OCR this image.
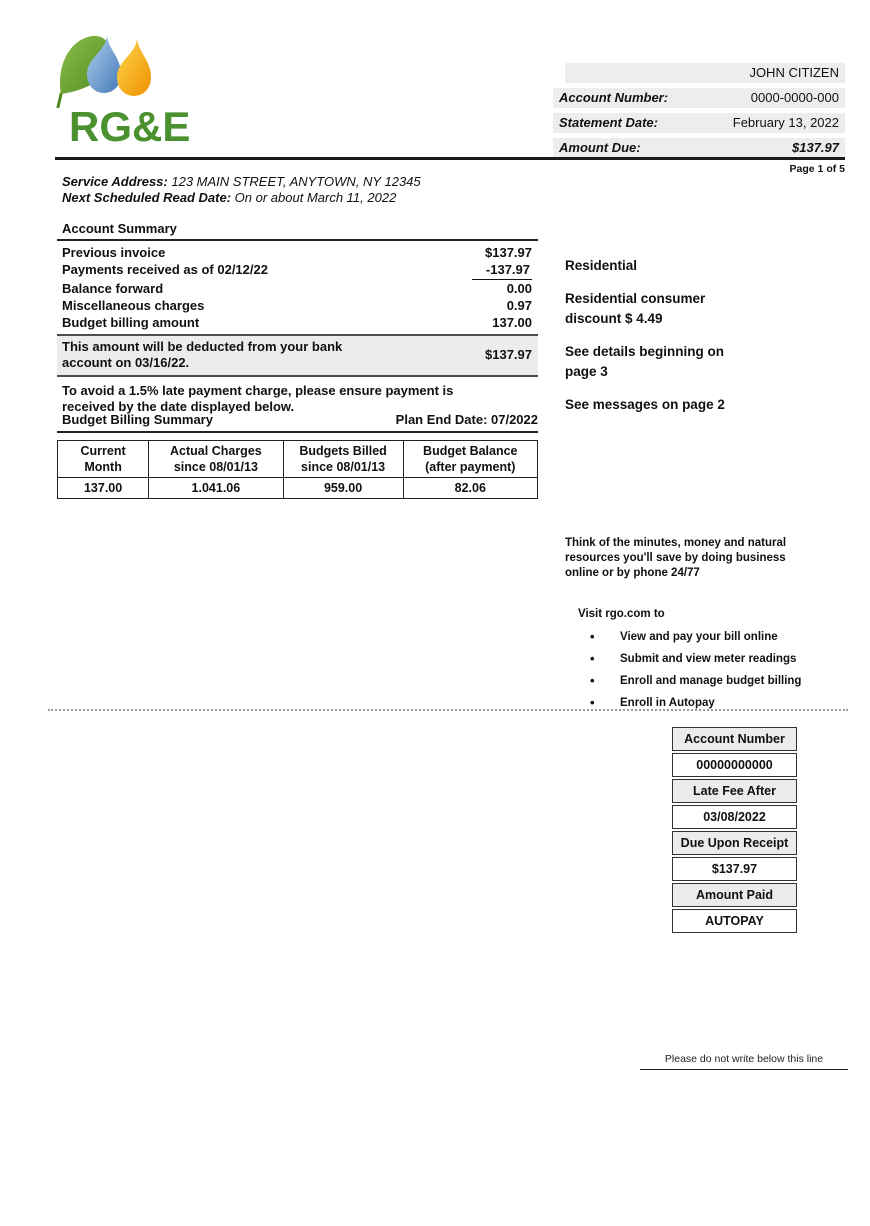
RG&E
JOHN CITIZEN
Account Number:	0000-0000-000
Statement Date:	February 13, 2022
Amount Due:	$137.97
Page 1 of 5
Service Address: 123 MAIN STREET, ANYTOWN, NY 12345
Next Scheduled Read Date: On or about March 11, 2022
Account Summary
Previous invoice	$137.97
Payments received as of 02/12/22	-137.97
Balance forward	0.00
Miscellaneous charges	0.97
Budget billing amount	137.00
This amount will be deducted from your bank account on 03/16/22.
$137.97
To avoid a 1.5% late payment charge, please ensure payment is received by the date displayed below.
Residential
Residential consumer discount $ 4.49
See details beginning on page 3
See messages on page 2
Budget Billing Summary	Plan End Date: 07/2022
Current Month	Actual Charges since 08/01/13	Budgets Billed since 08/01/13	Budget Balance (after payment)
137.00	1.041.06	959.00	82.06
Think of the minutes, money and natural resources you'll save by doing business online or by phone 24/77
Visit rgo.com to
• View and pay your bill online
• Submit and view meter readings
• Enroll and manage budget billing
• Enroll in Autopay
Account Number
00000000000
Late Fee After
03/08/2022
Due Upon Receipt
$137.97
Amount Paid
AUTOPAY
Please do not write below this line
